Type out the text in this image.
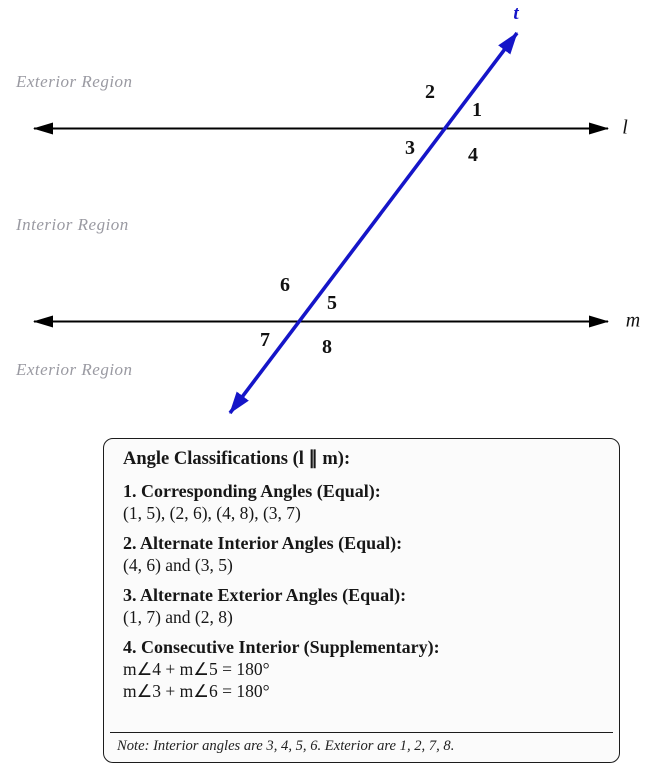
t
l
m
Exterior Region
Interior Region
Exterior Region
1
2
3	4
5
6
7	8
Angle Classifications (l ∥ m):

1. Corresponding Angles (Equal):

(1, 5), (2, 6), (4, 8), (3, 7)

2. Alternate Interior Angles (Equal):

(4, 6) and (3, 5)

3. Alternate Exterior Angles (Equal):

(1, 7) and (2, 8)

4. Consecutive Interior (Supplementary):

m∠4 + m∠5 = 180°

m∠3 + m∠6 = 180°

Note: Interior angles are 3, 4, 5, 6. Exterior are 1, 2, 7, 8.
